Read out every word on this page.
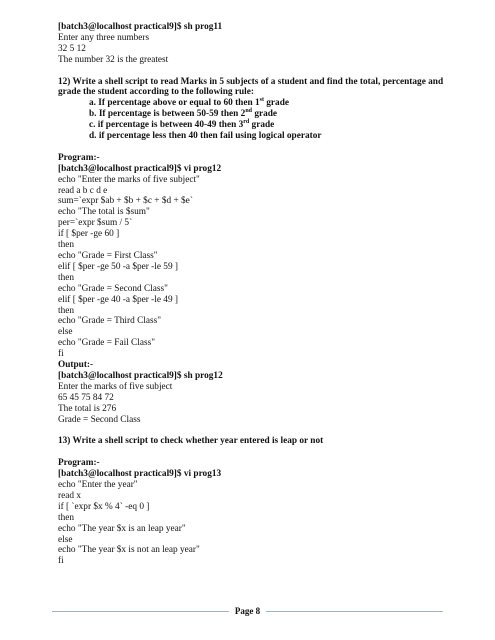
[batch3@localhost practical9]$ sh prog11
Enter any three numbers
32 5 12
The number 32 is the greatest
12) Write a shell script to read Marks in 5 subjects of a student and find the total, percentage and grade the student according to the following rule:
a. If percentage above or equal to 60 then 1st grade
b. If percentage is between 50-59 then 2nd grade
c. if percentage is between 40-49 then 3rd grade
d. if percentage less then 40 then fail using logical operator
Program:-
[batch3@localhost practical9]$ vi prog12
echo "Enter the marks of five subject"
read a b c d e
sum=`expr $ab + $b + $c + $d + $e`
echo "The total is $sum"
per=`expr $sum / 5`
if [ $per -ge 60 ]
then
echo "Grade = First Class"
elif [ $per -ge 50 -a $per -le 59 ]
then
echo "Grade = Second Class"
elif [ $per -ge 40 -a $per -le 49 ]
then
echo "Grade = Third Class"
else
echo "Grade = Fail Class"
fi
Output:-
[batch3@localhost practical9]$ sh prog12
Enter the marks of five subject
65 45 75 84 72
The total is 276
Grade = Second Class
13) Write a shell script to check whether year entered is leap or not
Program:-
[batch3@localhost practical9]$ vi prog13
echo "Enter the year"
read x
if [ `expr $x % 4` -eq 0 ]
then
echo "The year $x is an leap year"
else
echo "The year $x is not an leap year"
fi
Page 8
